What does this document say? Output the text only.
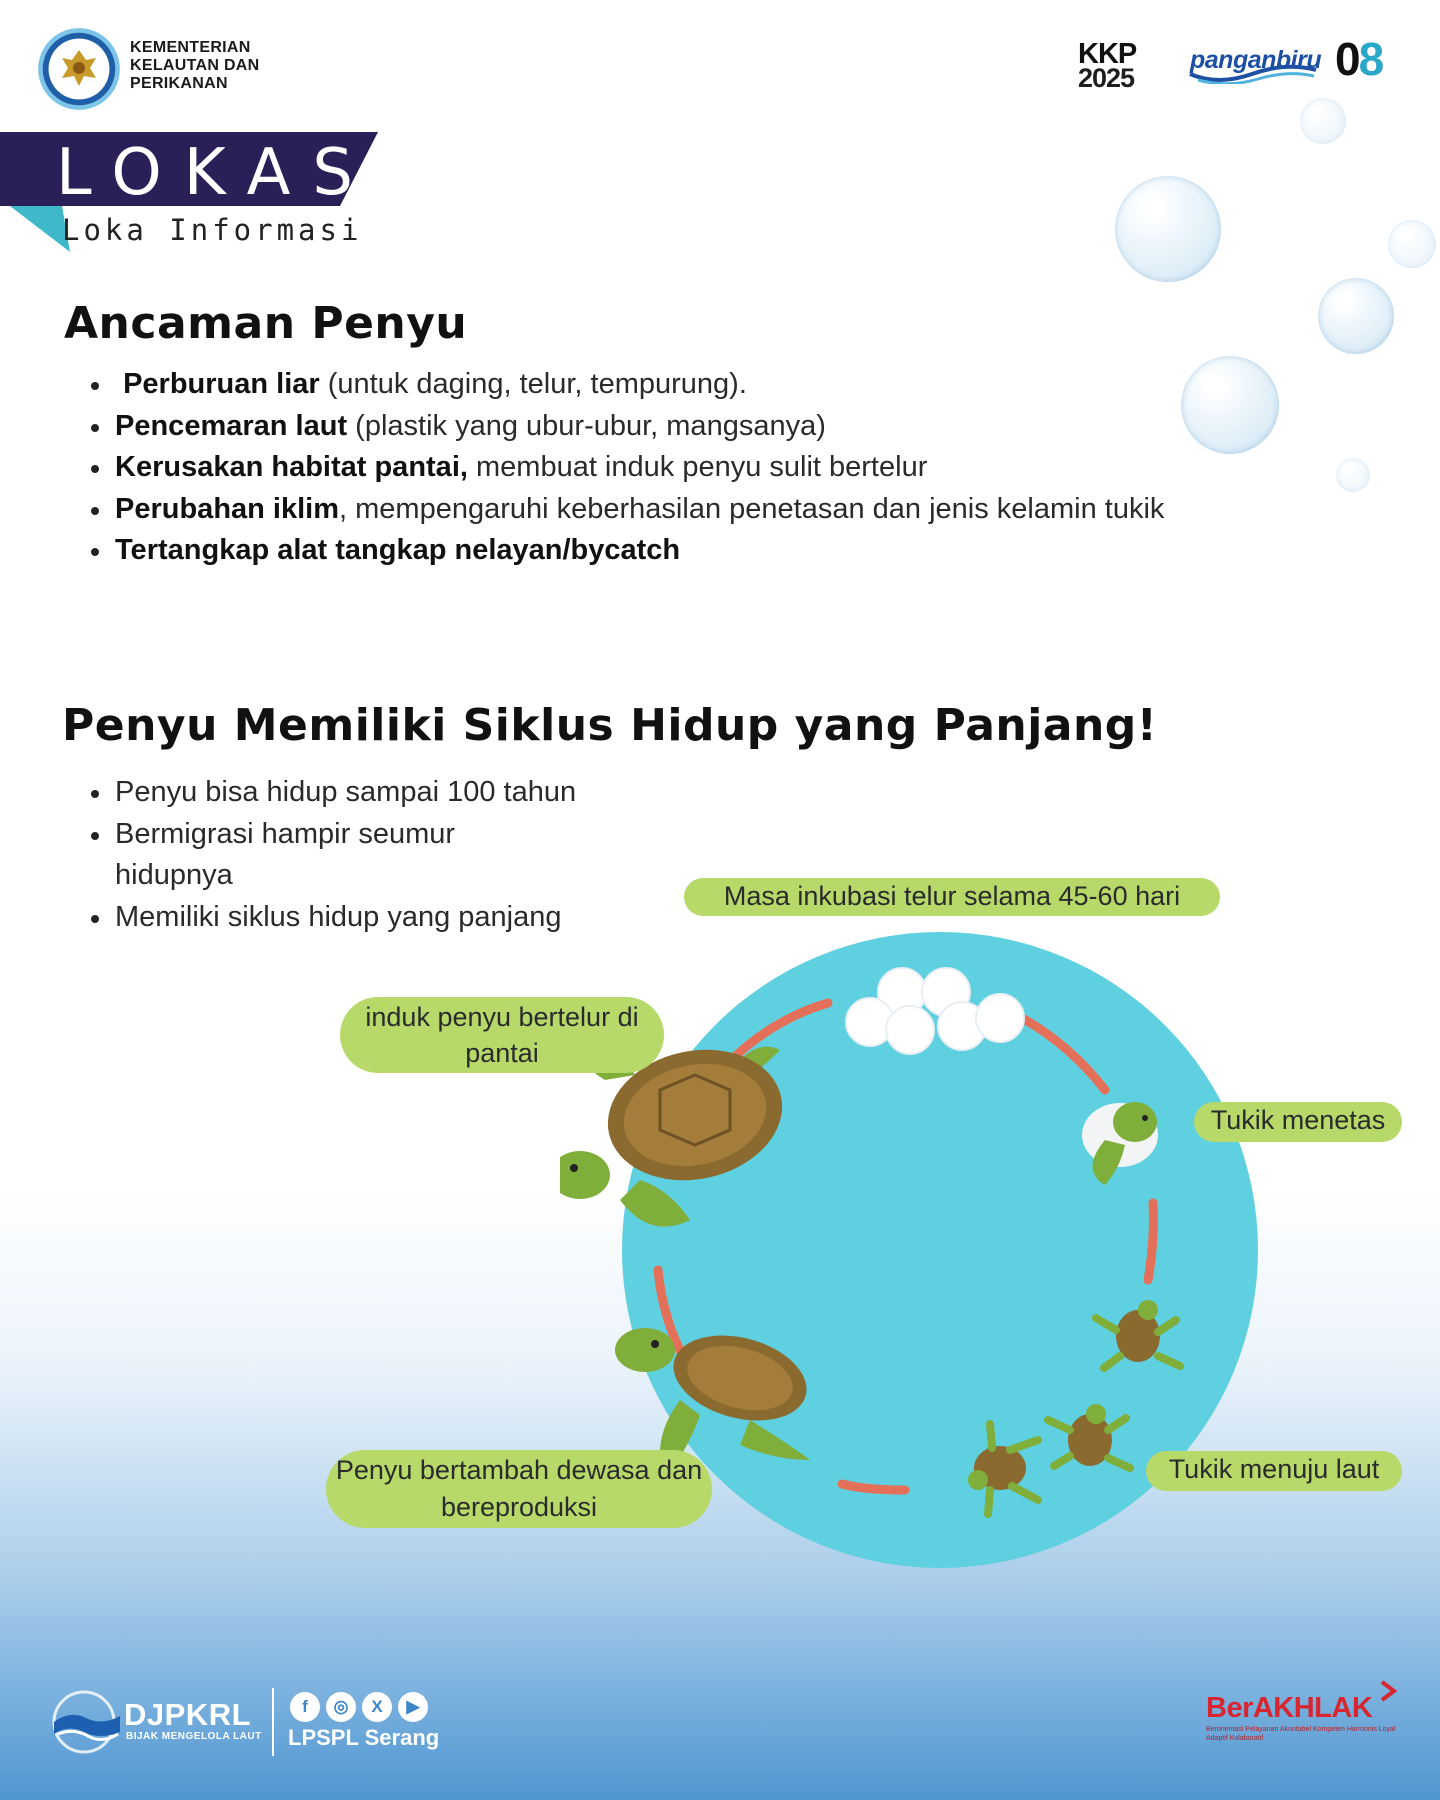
KEMENTERIAN
KELAUTAN DAN
PERIKANAN
KKP
2025
panganbiru 08
LOKASI
Loka Informasi
Ancaman Penyu
Perburuan liar (untuk daging, telur, tempurung).
Pencemaran laut (plastik yang ubur-ubur, mangsanya)
Kerusakan habitat pantai, membuat induk penyu sulit bertelur
Perubahan iklim, mempengaruhi keberhasilan penetasan dan jenis kelamin tukik
Tertangkap alat tangkap nelayan/bycatch
Penyu Memiliki Siklus Hidup yang Panjang!
Penyu bisa hidup sampai 100 tahun
Bermigrasi hampir seumur hidupnya
Memiliki siklus hidup yang panjang
Masa inkubasi telur selama 45-60 hari
induk penyu bertelur di pantai
Tukik menetas
Tukik menuju laut
Penyu bertambah dewasa dan bereproduksi
DJPKRL
BIJAK MENGELOLA LAUT
f	◎	X	▶
LPSPL Serang
BerAKHLAK
Berorientasi Pelayanan Akuntabel Kompeten Harmonis Loyal Adaptif Kolaboratif
